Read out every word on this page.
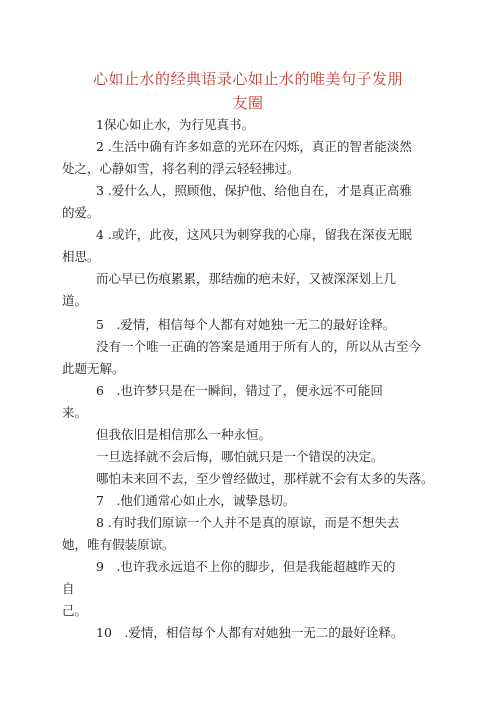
心如止水的经典语录心如止水的唯美句子发朋
友圈
1保心如止水，为行见真书。
2 .生活中确有许多如意的光环在闪烁，真正的智者能淡然
处之，心静如雪，将名利的浮云轻轻拂过。
3 .爱什么人，照顾他、保护他、给他自在，才是真正高雅
的爱。
4 .或许，此夜，这风只为刺穿我的心扉，留我在深夜无眠
相思。
而心早已伤痕累累，那结痂的疤未好，又被深深划上几
道。
5　.爱情，相信每个人都有对她独一无二的最好诠释。
没有一个唯一正确的答案是通用于所有人的，所以从古至今
此题无解。
6　.也许梦只是在一瞬间，错过了，便永远不可能回
来。
但我依旧是相信那么一种永恒。
一旦选择就不会后悔，哪怕就只是一个错误的决定。
哪怕未来回不去，至少曾经做过，那样就不会有太多的失落。
7　.他们通常心如止水，诚挚恳切。
8 .有时我们原谅一个人并不是真的原谅，而是不想失去
她，唯有假装原谅。
9　.也许我永远追不上你的脚步，但是我能超越昨天的
自
己。
10　.爱情，相信每个人都有对她独一无二的最好诠释。
